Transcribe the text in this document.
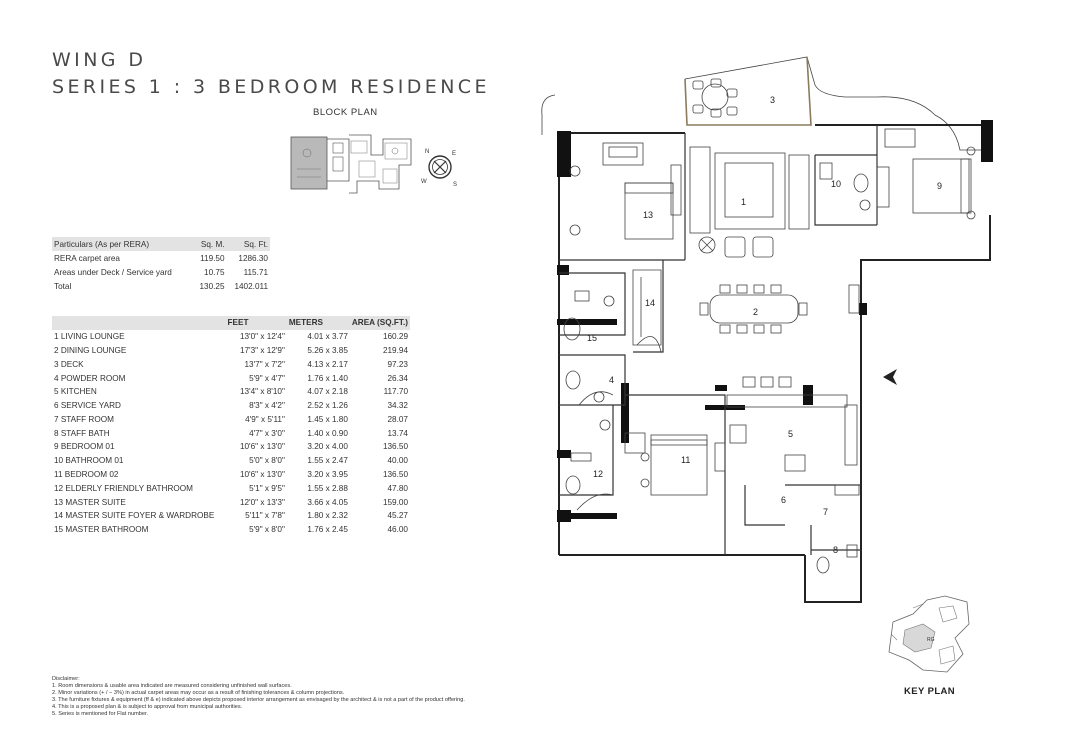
WING D
SERIES 1 : 3 BEDROOM RESIDENCE
BLOCK PLAN
N	E
S
W
Particulars (As per RERA)	Sq. M.	Sq. Ft.
RERA carpet area	119.50	1286.30
Areas under Deck / Service yard	10.75	115.71
Total	130.25	1402.011
	FEET	METERS	AREA (SQ.FT.)
1 LIVING LOUNGE	13'0" x 12'4"	4.01 x 3.77	160.29
2 DINING LOUNGE	17'3" x 12'9"	5.26 x 3.85	219.94
3 DECK	13'7" x 7'2"	4.13 x 2.17	97.23
4 POWDER ROOM	5'9" x 4'7"	1.76 x 1.40	26.34
5 KITCHEN	13'4" x 8'10"	4.07 x 2.18	117.70
6 SERVICE YARD	8'3" x 4'2"	2.52 x 1.26	34.32
7 STAFF ROOM	4'9" x 5'11"	1.45 x 1.80	28.07
8 STAFF BATH	4'7" x 3'0"	1.40 x 0.90	13.74
9 BEDROOM 01	10'6" x 13'0"	3.20 x 4.00	136.50
10 BATHROOM 01	5'0" x 8'0"	1.55 x 2.47	40.00
11 BEDROOM 02	10'6" x 13'0"	3.20 x 3.95	136.50
12 ELDERLY FRIENDLY BATHROOM	5'1" x 9'5"	1.55 x 2.88	47.80
13 MASTER SUITE	12'0" x 13'3"	3.66 x 4.05	159.00
14 MASTER SUITE FOYER & WARDROBE	5'11" x 7'8"	1.80 x 2.32	45.27
15 MASTER BATHROOM	5'9" x 8'0"	1.76 x 2.45	46.00
Disclaimer:
1. Room dimensions & usable area indicated are measured considering unfinished wall surfaces.
2. Minor variations (+ / − 3%) in actual carpet areas may occur as a result of finishing tolerances & column projections.
3. The furniture fixtures & equipment (ff & e) indicated above depicts proposed interior arrangement as envisaged by the architect & is not a part of the product offering.
4. This is a proposed plan & is subject to approval from municipal authorities.
5. Series is mentioned for Flat number.
1
2
3
4
5
6
7
8
9
10
11
12
13
14
15
RG
KEY PLAN
